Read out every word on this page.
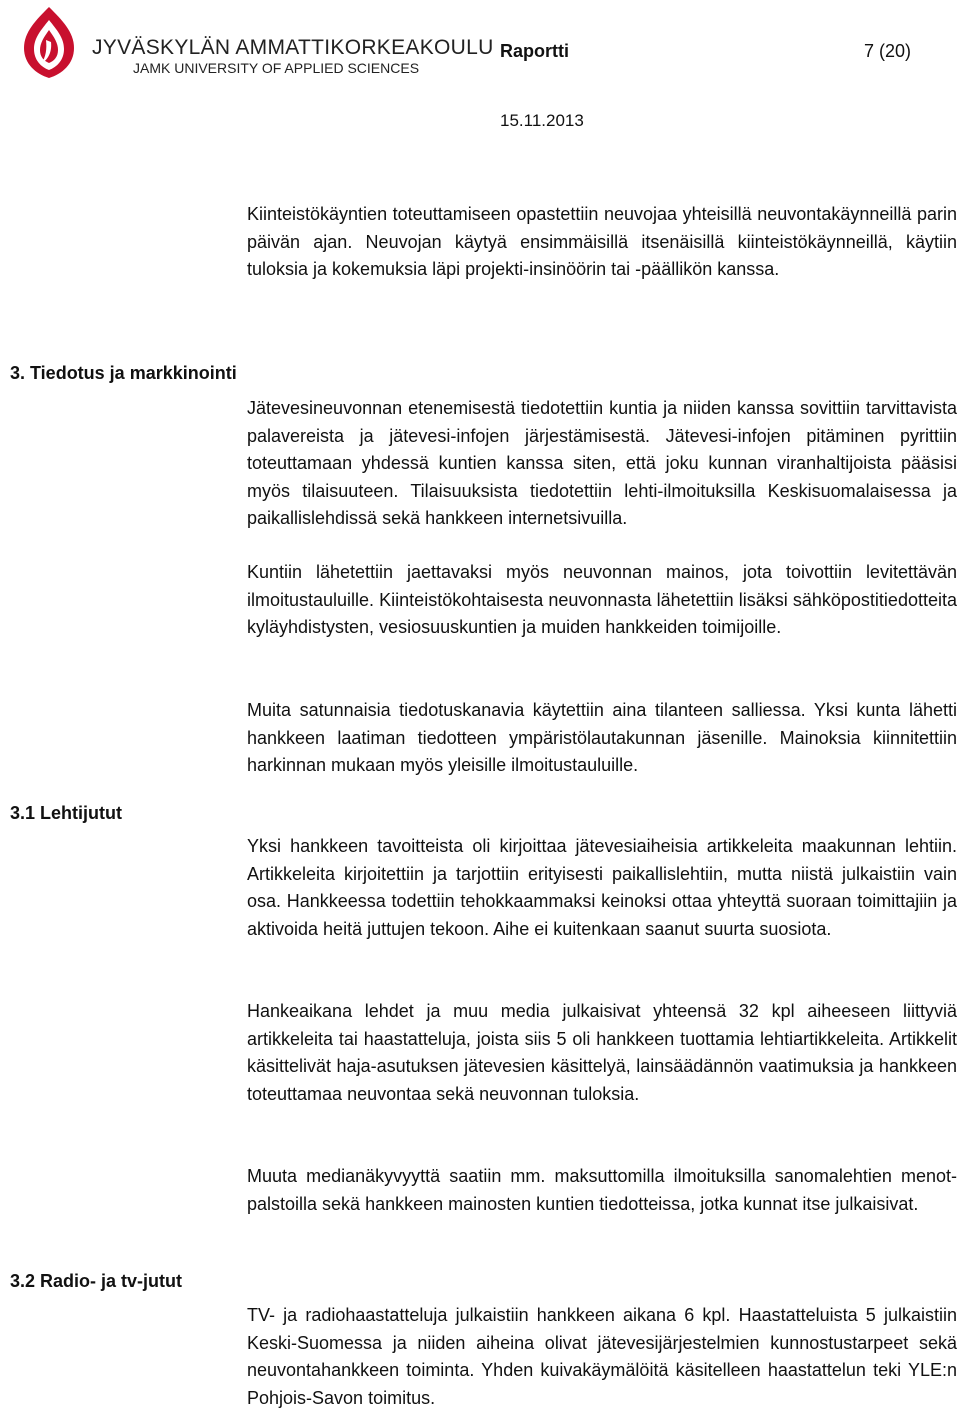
JYVÄSKYLÄN AMMATTIKORKEAKOULU
JAMK UNIVERSITY OF APPLIED SCIENCES
Raportti	7 (20)
15.11.2013

Kiinteistökäyntien toteuttamiseen opastettiin neuvojaa yhteisillä neuvontakäynneillä parin päivän ajan. Neuvojan käytyä ensimmäisillä itsenäisillä kiinteistökäynneillä, käytiin tuloksia ja kokemuksia läpi projekti-insinöörin tai -päällikön kanssa.

3. Tiedotus ja markkinointi

Jätevesineuvonnan etenemisestä tiedotettiin kuntia ja niiden kanssa sovittiin tarvittavista palavereista ja jätevesi-infojen järjestämisestä. Jätevesi-infojen pitäminen pyrittiin toteuttamaan yhdessä kuntien kanssa siten, että joku kunnan viranhaltijoista pääsisi myös tilaisuuteen. Tilaisuuksista tiedotettiin lehti-ilmoituksilla Keskisuomalaisessa ja paikallislehdissä sekä hankkeen internetsivuilla.

Kuntiin lähetettiin jaettavaksi myös neuvonnan mainos, jota toivottiin levitettävän ilmoitustauluille. Kiinteistökohtaisesta neuvonnasta lähetettiin lisäksi sähköpostitiedotteita kyläyhdistysten, vesiosuuskuntien ja muiden hankkeiden toimijoille.

Muita satunnaisia tiedotuskanavia käytettiin aina tilanteen salliessa. Yksi kunta lähetti hankkeen laatiman tiedotteen ympäristölautakunnan jäsenille. Mainoksia kiinnitettiin harkinnan mukaan myös yleisille ilmoitustauluille.

3.1 Lehtijutut

Yksi hankkeen tavoitteista oli kirjoittaa jätevesiaiheisia artikkeleita maakunnan lehtiin. Artikkeleita kirjoitettiin ja tarjottiin erityisesti paikallislehtiin, mutta niistä julkaistiin vain osa. Hankkeessa todettiin tehokkaammaksi keinoksi ottaa yhteyttä suoraan toimittajiin ja aktivoida heitä juttujen tekoon. Aihe ei kuitenkaan saanut suurta suosiota.

Hankeaikana lehdet ja muu media julkaisivat yhteensä 32 kpl aiheeseen liittyviä artikkeleita tai haastatteluja, joista siis 5 oli hankkeen tuottamia lehtiartikkeleita. Artikkelit käsittelivät haja-asutuksen jätevesien käsittelyä, lainsäädännön vaatimuksia ja hankkeen toteuttamaa neuvontaa sekä neuvonnan tuloksia.

Muuta medianäkyvyyttä saatiin mm. maksuttomilla ilmoituksilla sanomalehtien menot-palstoilla sekä hankkeen mainosten kuntien tiedotteissa, jotka kunnat itse julkaisivat.

3.2 Radio- ja tv-jutut

TV- ja radiohaastatteluja julkaistiin hankkeen aikana 6 kpl. Haastatteluista 5 julkaistiin Keski-Suomessa ja niiden aiheina olivat jätevesijärjestelmien kunnostustarpeet sekä neuvontahankkeen toiminta. Yhden kuivakäymälöitä käsitelleen haastattelun teki YLE:n Pohjois-Savon toimitus.
